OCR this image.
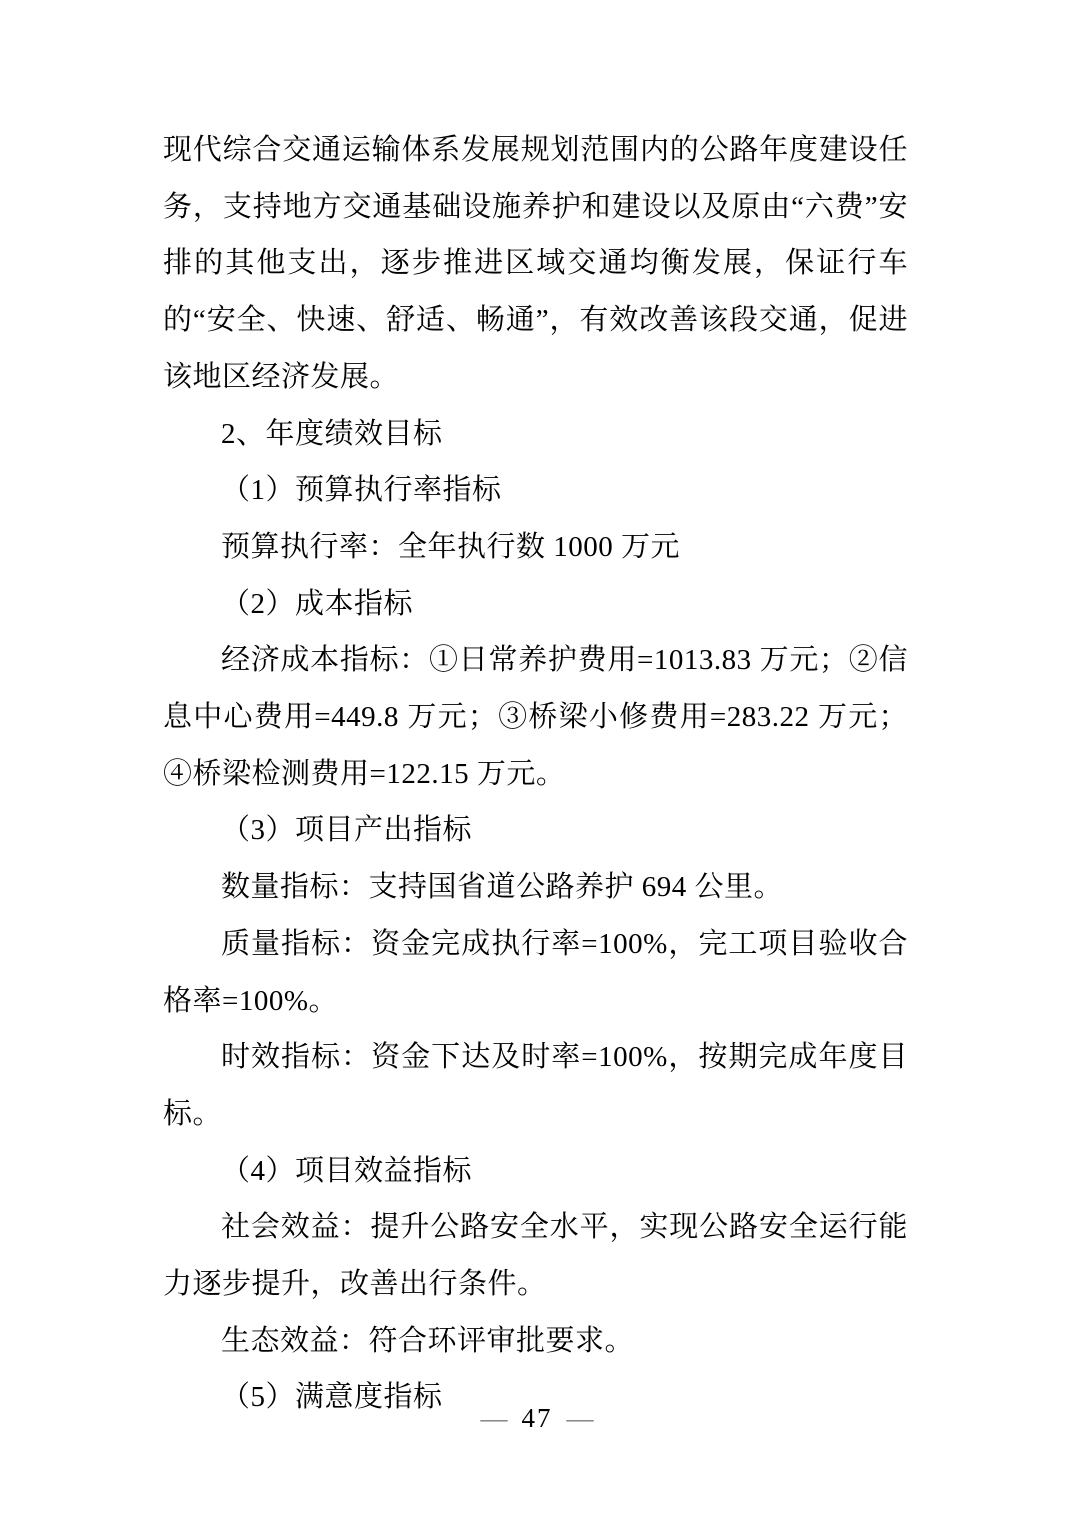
现代综合交通运输体系发展规划范围内的公路年度建设任务，支持地方交通基础设施养护和建设以及原由“六费”安排的其他支出，逐步推进区域交通均衡发展，保证行车的“安全、快速、舒适、畅通”，有效改善该段交通，促进该地区经济发展。

2、年度绩效目标

（1）预算执行率指标

预算执行率：全年执行数 1000 万元

（2）成本指标

经济成本指标：①日常养护费用=1013.83 万元；②信息中心费用=449.8 万元；③桥梁小修费用=283.22 万元；④桥梁检测费用=122.15 万元。

（3）项目产出指标

数量指标：支持国省道公路养护 694 公里。

质量指标：资金完成执行率=100%，完工项目验收合格率=100%。

时效指标：资金下达及时率=100%，按期完成年度目标。

（4）项目效益指标

社会效益：提升公路安全水平，实现公路安全运行能力逐步提升，改善出行条件。

生态效益：符合环评审批要求。

（5）满意度指标

— 47 —
